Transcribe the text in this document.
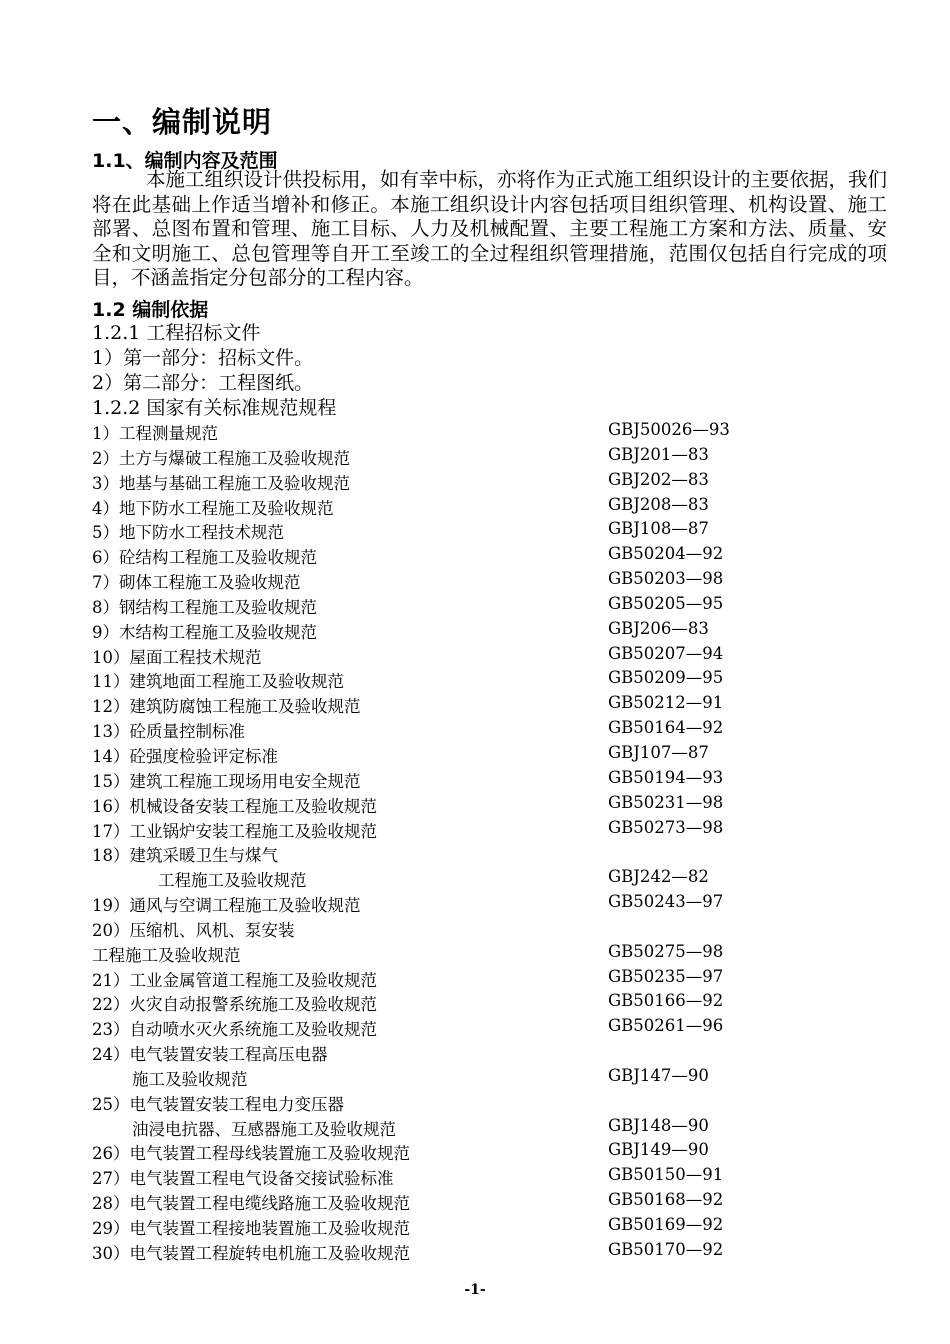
一、编制说明
1.1、编制内容及范围
本施工组织设计供投标用，如有幸中标，亦将作为正式施工组织设计的主要依据，我们将在此基础上作适当增补和修正。本施工组织设计内容包括项目组织管理、机构设置、施工部署、总图布置和管理、施工目标、人力及机械配置、主要工程施工方案和方法、质量、安全和文明施工、总包管理等自开工至竣工的全过程组织管理措施，范围仅包括自行完成的项目，不涵盖指定分包部分的工程内容。
1.2 编制依据
1.2.1 工程招标文件
1）第一部分：招标文件。
2）第二部分：工程图纸。
1.2.2 国家有关标准规范规程
1）工程测量规范	GBJ50026—93
2）土方与爆破工程施工及验收规范	GBJ201—83
3）地基与基础工程施工及验收规范	GBJ202—83
4）地下防水工程施工及验收规范	GBJ208—83
5）地下防水工程技术规范	GBJ108—87
6）砼结构工程施工及验收规范	GB50204—92
7）砌体工程施工及验收规范	GB50203—98
8）钢结构工程施工及验收规范	GB50205—95
9）木结构工程施工及验收规范	GBJ206—83
10）屋面工程技术规范	GB50207—94
11）建筑地面工程施工及验收规范	GB50209—95
12）建筑防腐蚀工程施工及验收规范	GB50212—91
13）砼质量控制标准	GB50164—92
14）砼强度检验评定标准	GBJ107—87
15）建筑工程施工现场用电安全规范	GB50194—93
16）机械设备安装工程施工及验收规范	GB50231—98
17）工业锅炉安装工程施工及验收规范	GB50273—98
18）建筑采暖卫生与煤气
工程施工及验收规范	GBJ242—82
19）通风与空调工程施工及验收规范	GB50243—97
20）压缩机、风机、泵安装
工程施工及验收规范	GB50275—98
21）工业金属管道工程施工及验收规范	GB50235—97
22）火灾自动报警系统施工及验收规范	GB50166—92
23）自动喷水灭火系统施工及验收规范	GB50261—96
24）电气装置安装工程高压电器
施工及验收规范	GBJ147—90
25）电气装置安装工程电力变压器
油浸电抗器、互感器施工及验收规范	GBJ148—90
26）电气装置工程母线装置施工及验收规范	GBJ149—90
27）电气装置工程电气设备交接试验标准	GB50150—91
28）电气装置工程电缆线路施工及验收规范	GB50168—92
29）电气装置工程接地装置施工及验收规范	GB50169—92
30）电气装置工程旋转电机施工及验收规范	GB50170—92
-1-
